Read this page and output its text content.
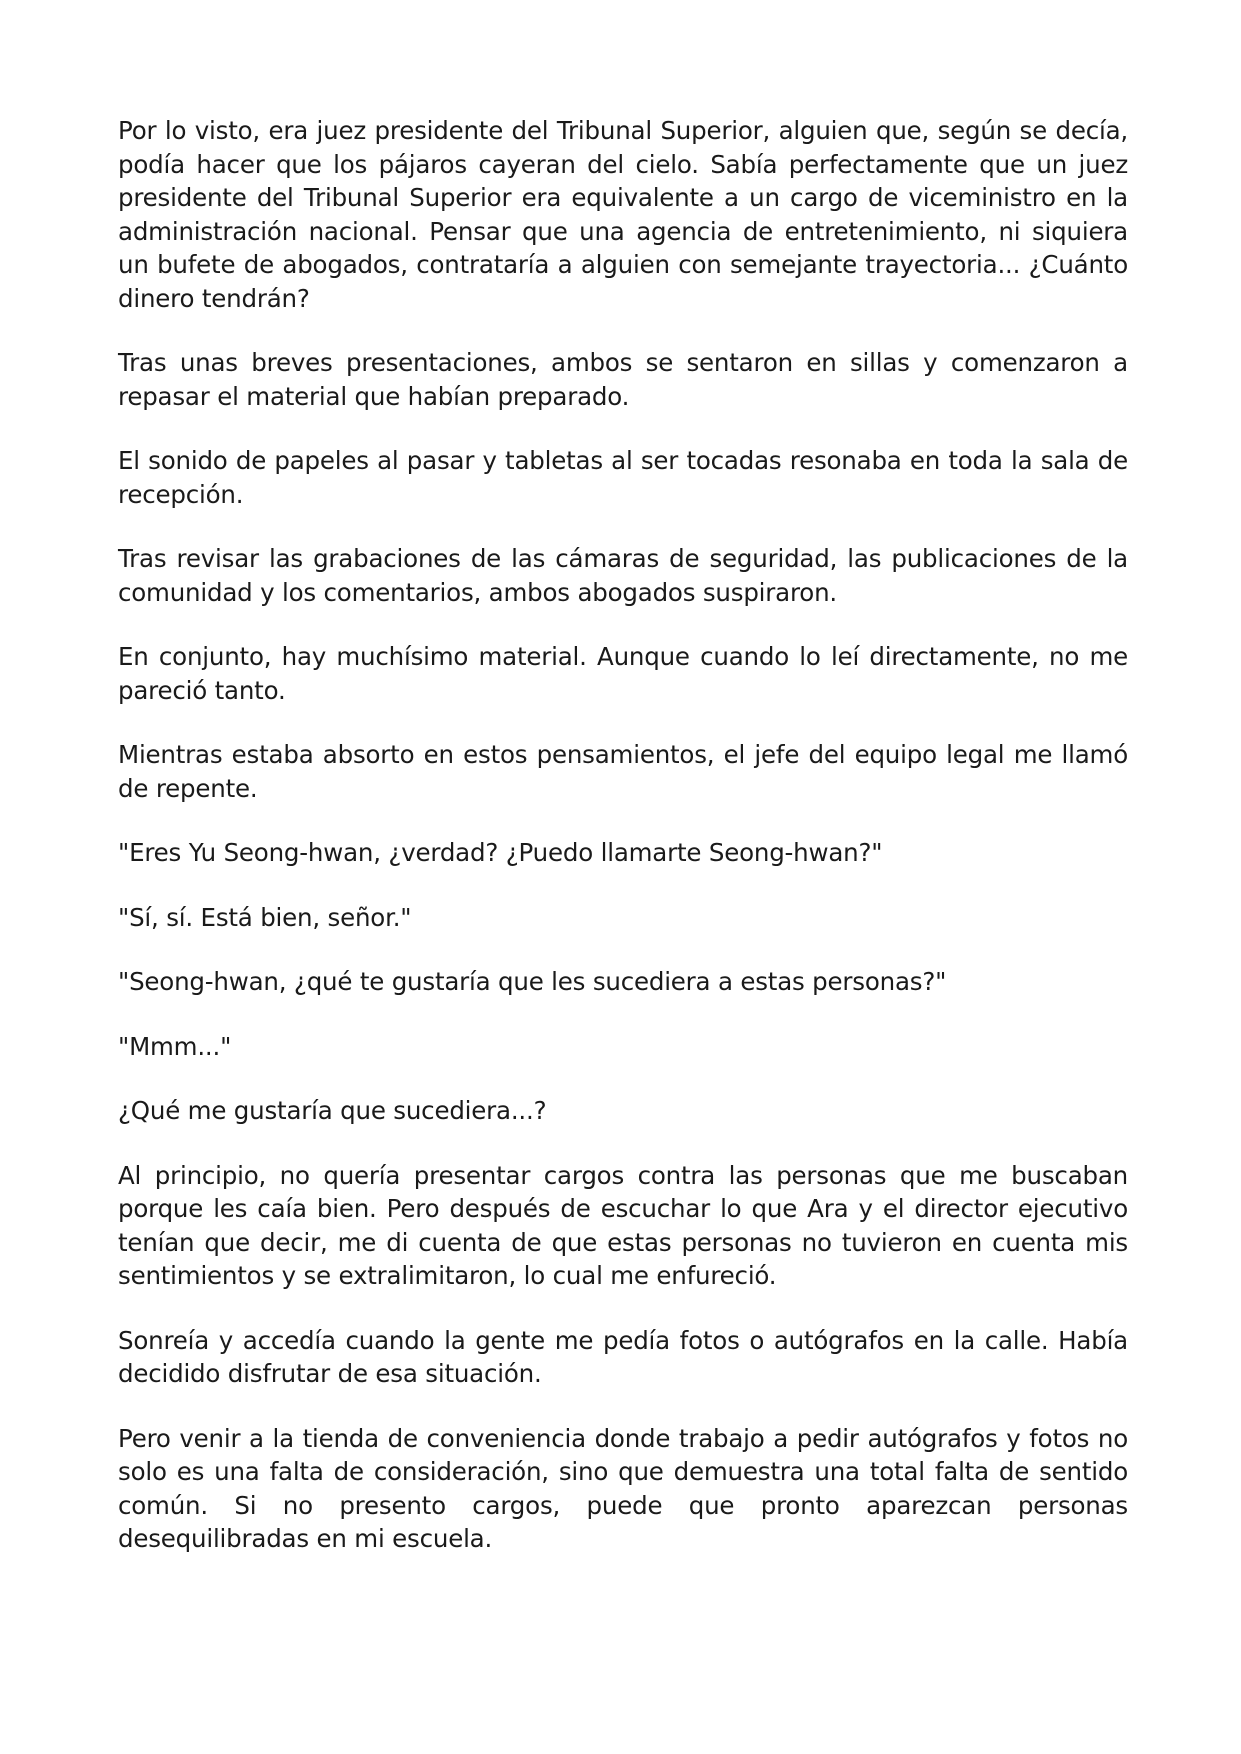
Por lo visto, era juez presidente del Tribunal Superior, alguien que, según se decía, podía hacer que los pájaros cayeran del cielo. Sabía perfectamente que un juez presidente del Tribunal Superior era equivalente a un cargo de viceministro en la administración nacional. Pensar que una agencia de entretenimiento, ni siquiera un bufete de abogados, contrataría a alguien con semejante trayectoria... ¿Cuánto dinero tendrán?

Tras unas breves presentaciones, ambos se sentaron en sillas y comenzaron a repasar el material que habían preparado.

El sonido de papeles al pasar y tabletas al ser tocadas resonaba en toda la sala de recepción.

Tras revisar las grabaciones de las cámaras de seguridad, las publicaciones de la comunidad y los comentarios, ambos abogados suspiraron.

En conjunto, hay muchísimo material. Aunque cuando lo leí directamente, no me pareció tanto.

Mientras estaba absorto en estos pensamientos, el jefe del equipo legal me llamó de repente.

"Eres Yu Seong-hwan, ¿verdad? ¿Puedo llamarte Seong-hwan?"

"Sí, sí. Está bien, señor."

"Seong-hwan, ¿qué te gustaría que les sucediera a estas personas?"

"Mmm..."

¿Qué me gustaría que sucediera...?

Al principio, no quería presentar cargos contra las personas que me buscaban porque les caía bien. Pero después de escuchar lo que Ara y el director ejecutivo tenían que decir, me di cuenta de que estas personas no tuvieron en cuenta mis sentimientos y se extralimitaron, lo cual me enfureció.

Sonreía y accedía cuando la gente me pedía fotos o autógrafos en la calle. Había decidido disfrutar de esa situación.

Pero venir a la tienda de conveniencia donde trabajo a pedir autógrafos y fotos no solo es una falta de consideración, sino que demuestra una total falta de sentido común. Si no presento cargos, puede que pronto aparezcan personas desequilibradas en mi escuela.
